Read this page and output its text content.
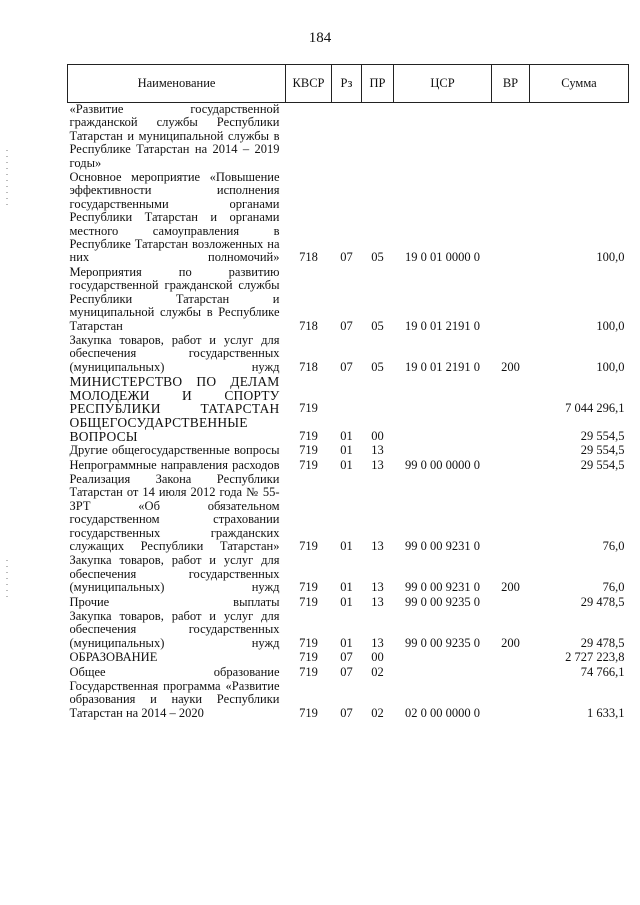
184
Наименование	КВСР	Рз	ПР	ЦСР	ВР	Сумма
«Развитие государственной гражданской службы Республики Татарстан и муниципальной службы в Республике Татарстан на 2014 – 2019 годы»						
Основное мероприятие «Повышение эффективности исполнения государственными органами Республики Татарстан и органами местного самоуправления в Республике Татарстан возложенных на них полномочий»	718	07	05	19 0 01 0000 0		100,0
Мероприятия по развитию государственной гражданской службы Республики Татарстан и муниципальной службы в Республике Татарстан	718	07	05	19 0 01 2191 0		100,0
Закупка товаров, работ и услуг для обеспечения государственных (муниципальных) нужд	718	07	05	19 0 01 2191 0	200	100,0
МИНИСТЕРСТВО ПО ДЕЛАМ МОЛОДЕЖИ И СПОРТУ РЕСПУБЛИКИ ТАТАРСТАН	719					7 044 296,1
ОБЩЕГОСУДАРСТВЕННЫЕ ВОПРОСЫ	719	01	00			29 554,5
Другие общегосударственные вопросы	719	01	13			29 554,5
Непрограммные направления расходов	719	01	13	99 0 00 0000 0		29 554,5
Реализация Закона Республики Татарстан от 14 июля 2012 года № 55-ЗРТ «Об обязательном государственном страховании государственных гражданских служащих Республики Татарстан»	719	01	13	99 0 00 9231 0		76,0
Закупка товаров, работ и услуг для обеспечения государственных (муниципальных) нужд	719	01	13	99 0 00 9231 0	200	76,0
Прочие выплаты	719	01	13	99 0 00 9235 0		29 478,5
Закупка товаров, работ и услуг для обеспечения государственных (муниципальных) нужд	719	01	13	99 0 00 9235 0	200	29 478,5
ОБРАЗОВАНИЕ	719	07	00			2 727 223,8
Общее образование	719	07	02			74 766,1
Государственная программа «Развитие образования и науки Республики Татарстан на 2014 – 2020	719	07	02	02 0 00 0000 0		1 633,1
